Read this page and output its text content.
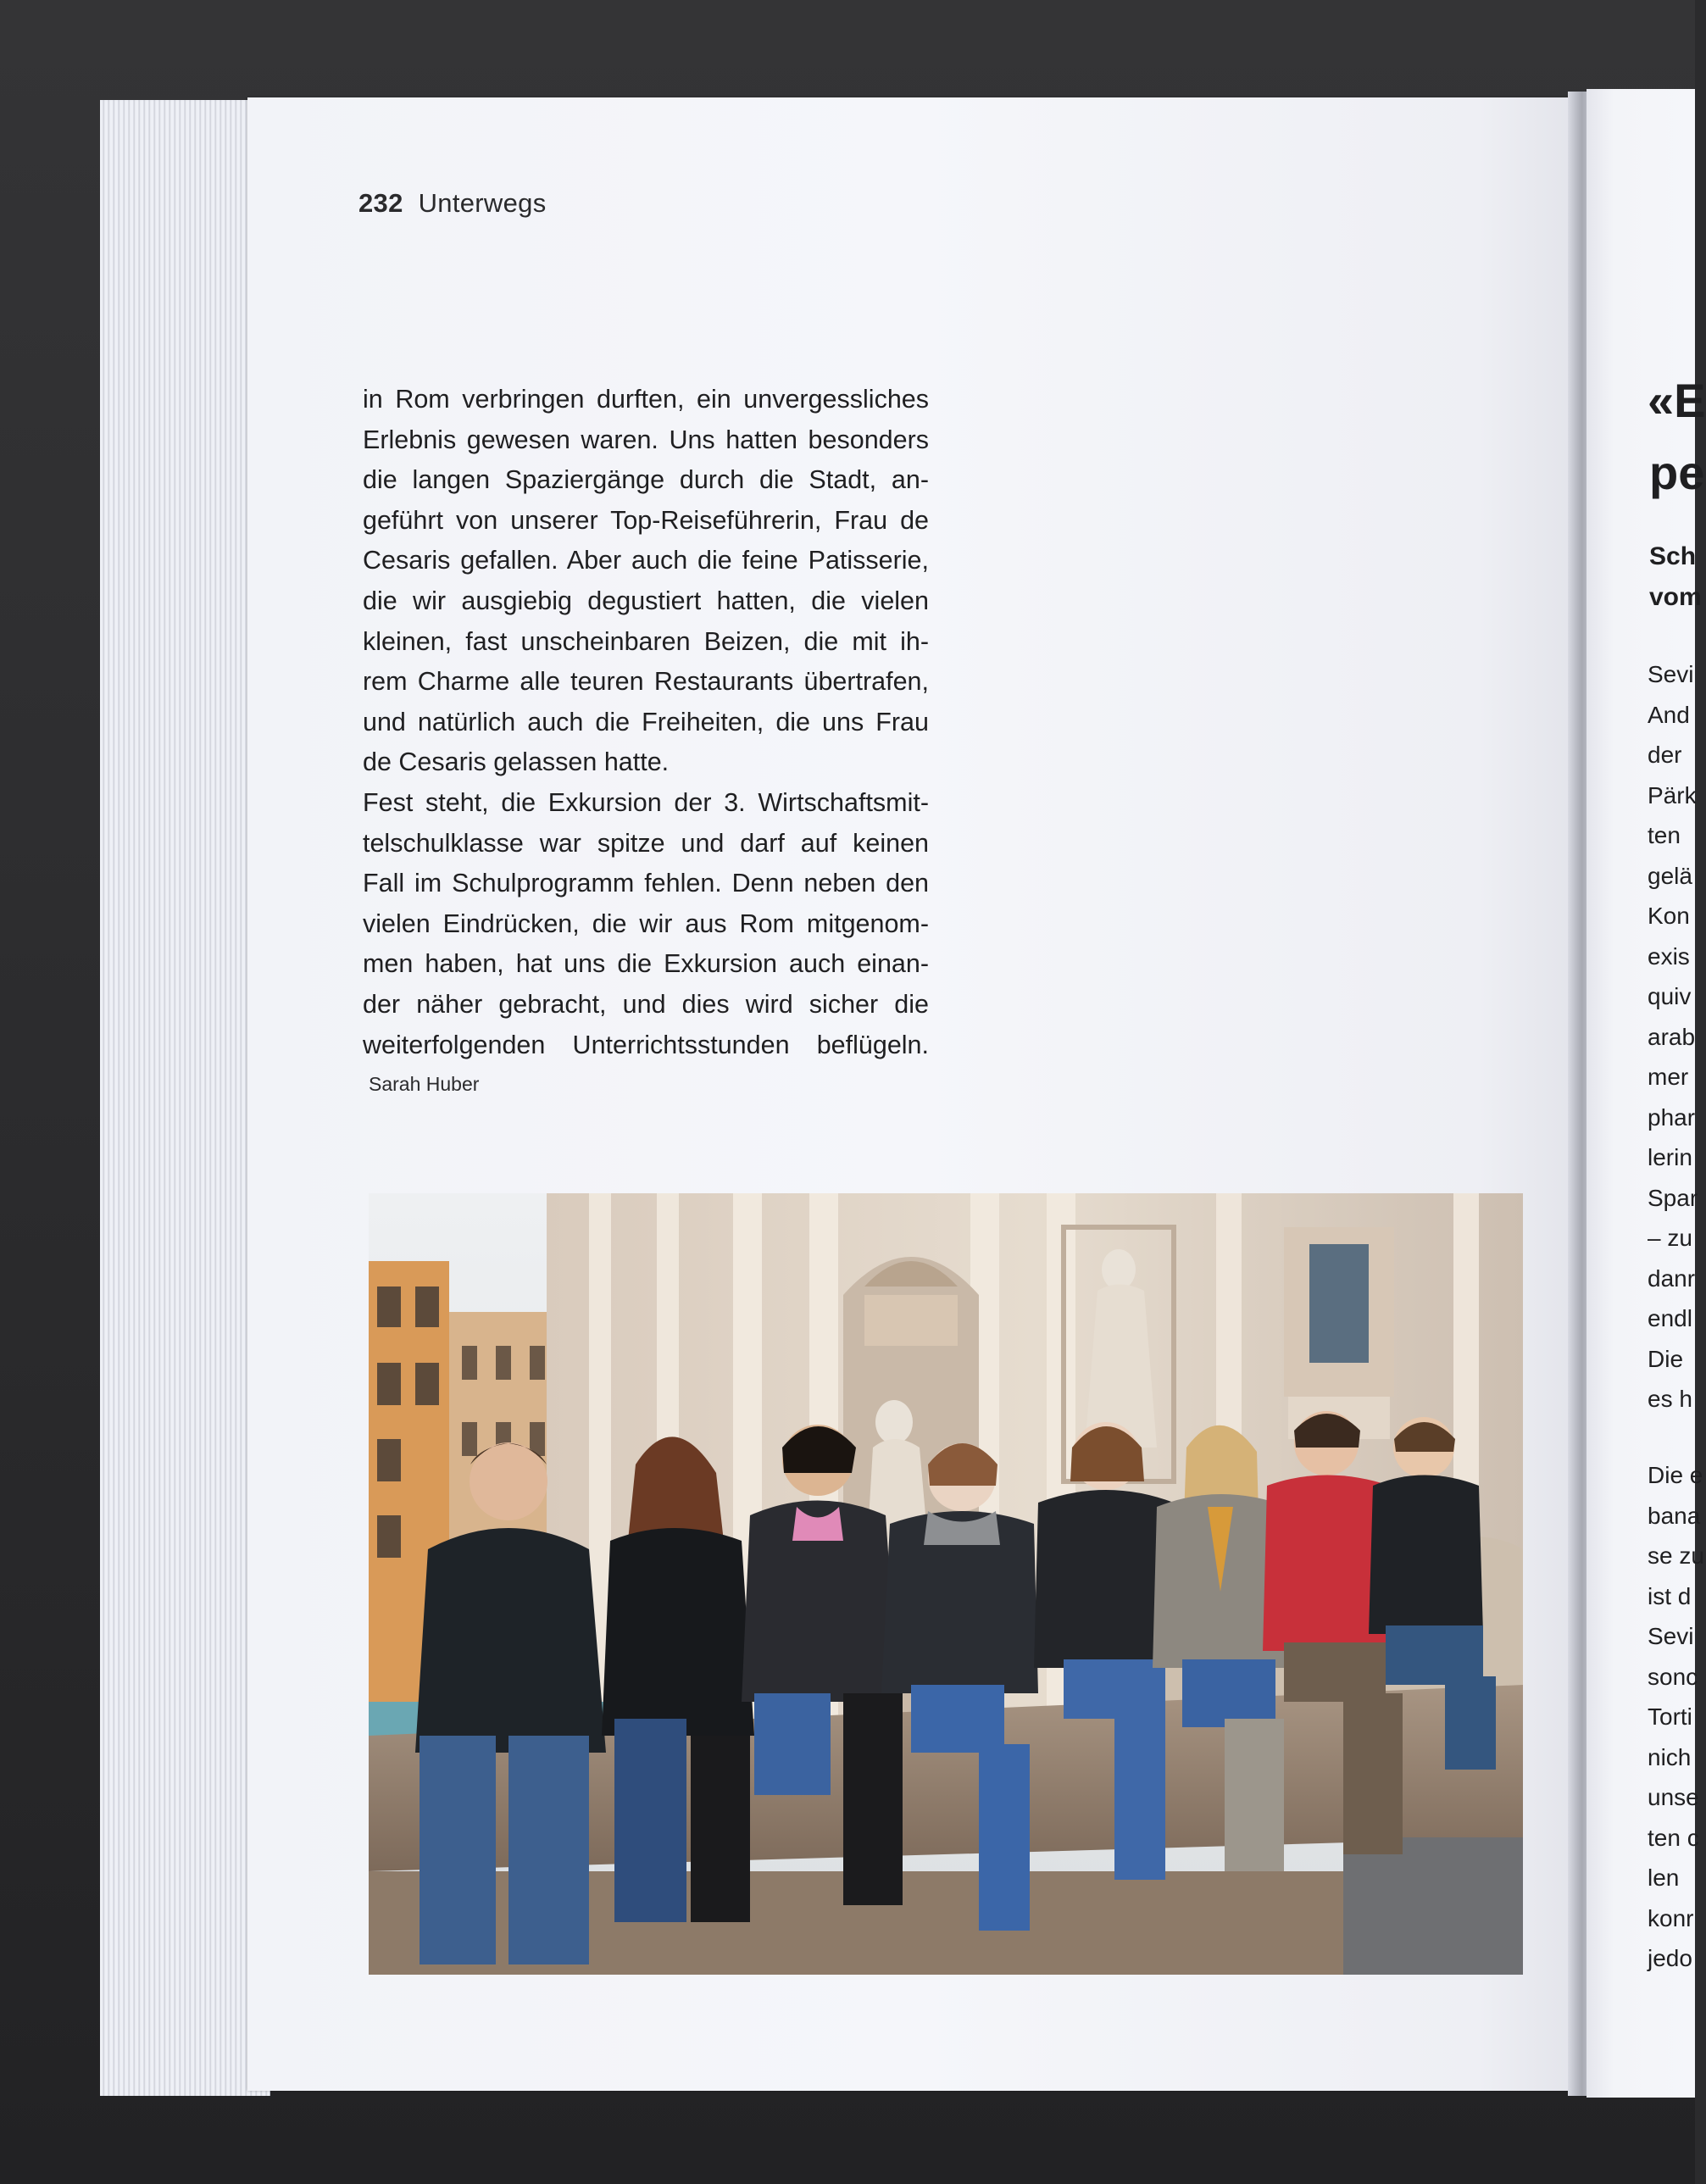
232 Unterwegs
in Rom verbringen durften, ein unvergessliches
Erlebnis gewesen waren. Uns hatten besonders
die langen Spaziergänge durch die Stadt, an-
geführt von unserer Top-Reiseführerin, Frau de
Cesaris gefallen. Aber auch die feine Patisserie,
die wir ausgiebig degustiert hatten, die vielen
kleinen, fast unscheinbaren Beizen, die mit ih-
rem Charme alle teuren Restaurants übertrafen,
und natürlich auch die Freiheiten, die uns Frau
de Cesaris gelassen hatte.
Fest steht, die Exkursion der 3. Wirtschaftsmit-
telschulklasse war spitze und darf auf keinen
Fall im Schulprogramm fehlen. Denn neben den
vielen Eindrücken, die wir aus Rom mitgenom-
men haben, hat uns die Exkursion auch einan-
der näher gebracht, und dies wird sicher die
weiterfolgenden Unterrichtsstunden beflügeln.
Sarah Huber
«E
pe
Sch
vom
Sevi
And
der
Pärk
ten
gelä
Kon
exis
quiv
arab
mer
phar
lerin
Spar
– zu
danr
endl
Die
es h
Die e
bana
se zu
ist d
Sevi
sonc
Torti
nich
unse
ten c
len
konr
jedo
